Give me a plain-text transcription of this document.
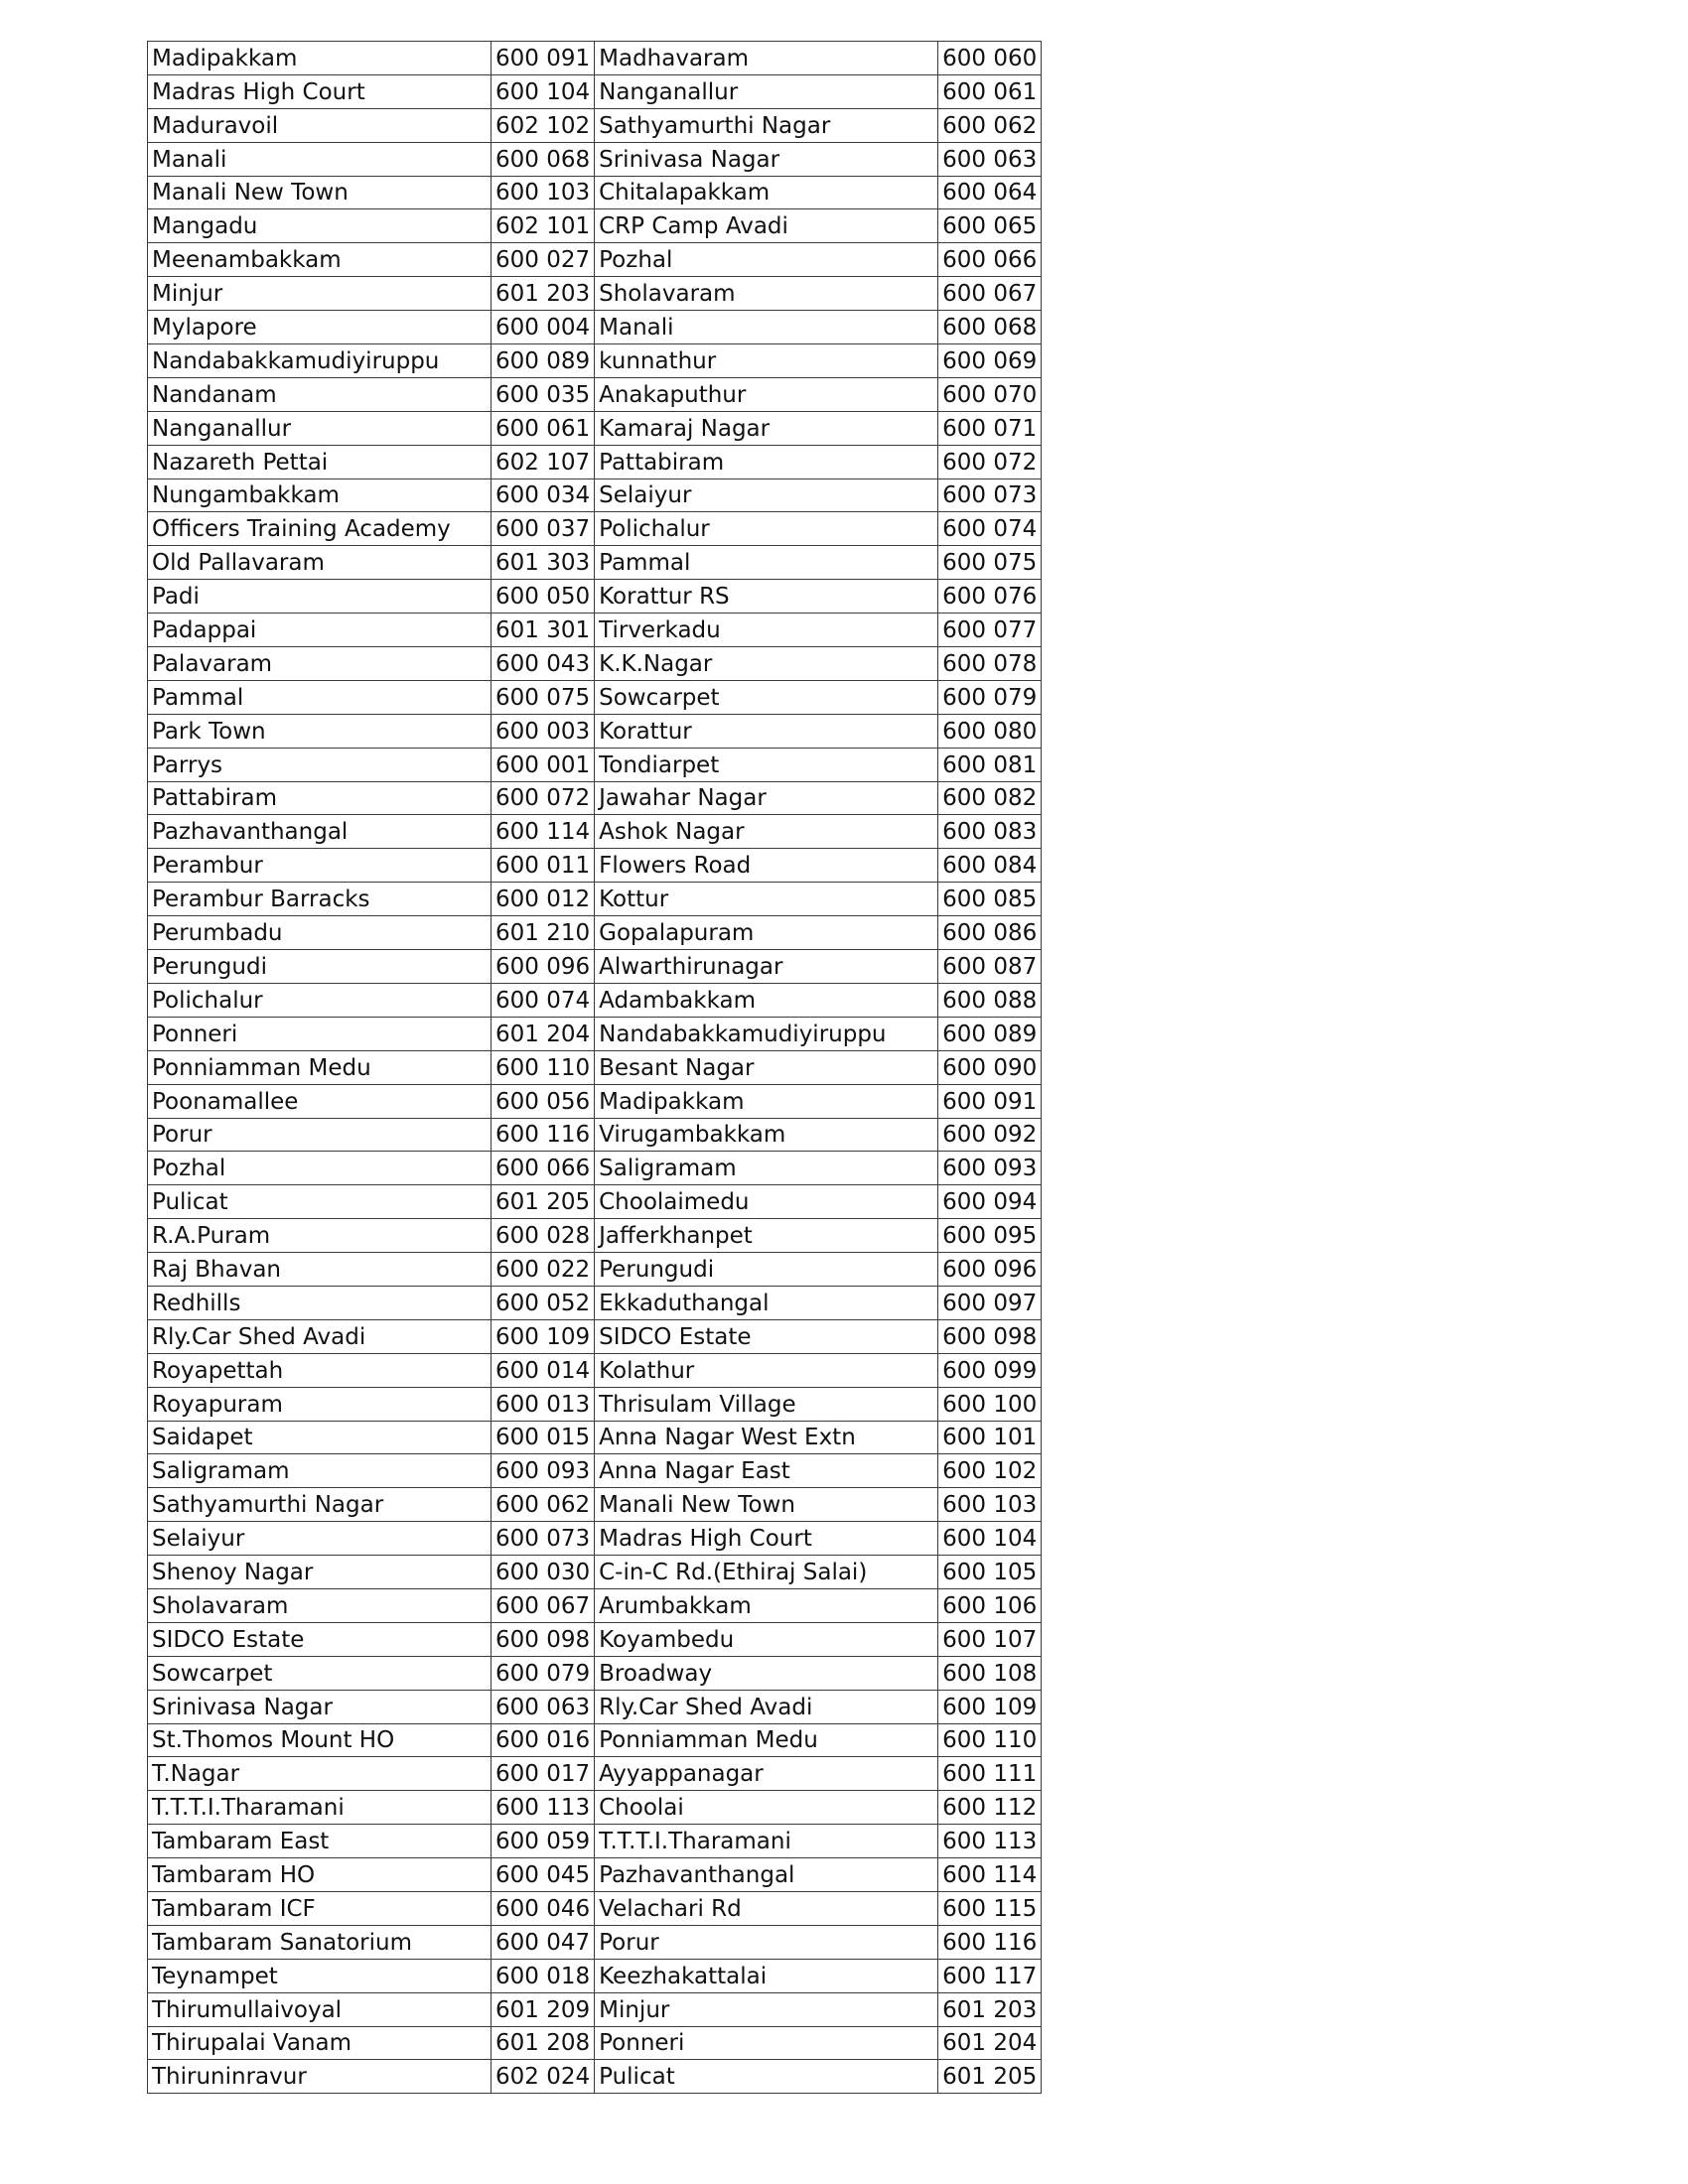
Madipakkam	600 091	Madhavaram	600 060
Madras High Court	600 104	Nanganallur	600 061
Maduravoil	602 102	Sathyamurthi Nagar	600 062
Manali	600 068	Srinivasa Nagar	600 063
Manali New Town	600 103	Chitalapakkam	600 064
Mangadu	602 101	CRP Camp Avadi	600 065
Meenambakkam	600 027	Pozhal	600 066
Minjur	601 203	Sholavaram	600 067
Mylapore	600 004	Manali	600 068
Nandabakkamudiyiruppu	600 089	kunnathur	600 069
Nandanam	600 035	Anakaputhur	600 070
Nanganallur	600 061	Kamaraj Nagar	600 071
Nazareth Pettai	602 107	Pattabiram	600 072
Nungambakkam	600 034	Selaiyur	600 073
Officers Training Academy	600 037	Polichalur	600 074
Old Pallavaram	601 303	Pammal	600 075
Padi	600 050	Korattur RS	600 076
Padappai	601 301	Tirverkadu	600 077
Palavaram	600 043	K.K.Nagar	600 078
Pammal	600 075	Sowcarpet	600 079
Park Town	600 003	Korattur	600 080
Parrys	600 001	Tondiarpet	600 081
Pattabiram	600 072	Jawahar Nagar	600 082
Pazhavanthangal	600 114	Ashok Nagar	600 083
Perambur	600 011	Flowers Road	600 084
Perambur Barracks	600 012	Kottur	600 085
Perumbadu	601 210	Gopalapuram	600 086
Perungudi	600 096	Alwarthirunagar	600 087
Polichalur	600 074	Adambakkam	600 088
Ponneri	601 204	Nandabakkamudiyiruppu	600 089
Ponniamman Medu	600 110	Besant Nagar	600 090
Poonamallee	600 056	Madipakkam	600 091
Porur	600 116	Virugambakkam	600 092
Pozhal	600 066	Saligramam	600 093
Pulicat	601 205	Choolaimedu	600 094
R.A.Puram	600 028	Jafferkhanpet	600 095
Raj Bhavan	600 022	Perungudi	600 096
Redhills	600 052	Ekkaduthangal	600 097
Rly.Car Shed Avadi	600 109	SIDCO Estate	600 098
Royapettah	600 014	Kolathur	600 099
Royapuram	600 013	Thrisulam Village	600 100
Saidapet	600 015	Anna Nagar West Extn	600 101
Saligramam	600 093	Anna Nagar East	600 102
Sathyamurthi Nagar	600 062	Manali New Town	600 103
Selaiyur	600 073	Madras High Court	600 104
Shenoy Nagar	600 030	C-in-C Rd.(Ethiraj Salai)	600 105
Sholavaram	600 067	Arumbakkam	600 106
SIDCO Estate	600 098	Koyambedu	600 107
Sowcarpet	600 079	Broadway	600 108
Srinivasa Nagar	600 063	Rly.Car Shed Avadi	600 109
St.Thomos Mount HO	600 016	Ponniamman Medu	600 110
T.Nagar	600 017	Ayyappanagar	600 111
T.T.T.I.Tharamani	600 113	Choolai	600 112
Tambaram East	600 059	T.T.T.I.Tharamani	600 113
Tambaram HO	600 045	Pazhavanthangal	600 114
Tambaram ICF	600 046	Velachari Rd	600 115
Tambaram Sanatorium	600 047	Porur	600 116
Teynampet	600 018	Keezhakattalai	600 117
Thirumullaivoyal	601 209	Minjur	601 203
Thirupalai Vanam	601 208	Ponneri	601 204
Thiruninravur	602 024	Pulicat	601 205
